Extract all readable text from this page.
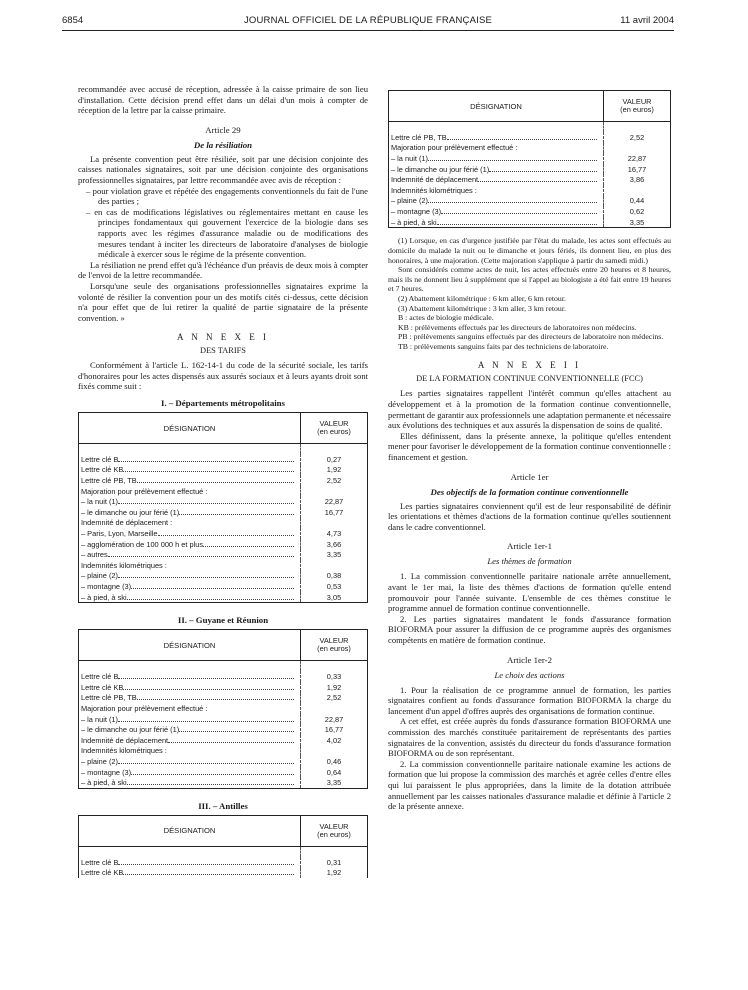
6854	JOURNAL OFFICIEL DE LA RÉPUBLIQUE FRANÇAISE	11 avril 2004

recommandée avec accusé de réception, adressée à la caisse primaire de son lieu d'installation. Cette décision prend effet dans un délai d'un mois à compter de réception de la lettre par la caisse primaire.

Article 29
De la résiliation

La présente convention peut être résiliée, soit par une décision conjointe des caisses nationales signataires, soit par une décision conjointe des organisations professionnelles signataires, par lettre recommandée avec avis de réception :

– pour violation grave et répétée des engagements conventionnels du fait de l'une des parties ;

– en cas de modifications législatives ou réglementaires mettant en cause les principes fondamentaux qui gouvernent l'exercice de la biologie dans ses rapports avec les régimes d'assurance maladie ou de modifications des mesures tendant à inciter les directeurs de laboratoire d'analyses de biologie médicale à exercer sous le régime de la présente convention.

La résiliation ne prend effet qu'à l'échéance d'un préavis de deux mois à compter de l'envoi de la lettre recommandée.

Lorsqu'une seule des organisations professionnelles signataires exprime la volonté de résilier la convention pour un des motifs cités ci-dessus, cette décision n'a pour effet que de lui retirer la qualité de partie signataire de la présente convention. »

A N N E X E I
DES TARIFS

Conformément à l'article L. 162-14-1 du code de la sécurité sociale, les tarifs d'honoraires pour les actes dispensés aux assurés sociaux et à leurs ayants droit sont fixés comme suit :

I. – Départements métropolitains
DÉSIGNATION	VALEUR
(en euros)

Lettre clé B	0,27
Lettre clé KB	1,92
Lettre clé PB, TB	2,52
Majoration pour prélèvement effectué :	
– la nuit (1)	22,87
– le dimanche ou jour férié (1)	16,77
Indemnité de déplacement :	
– Paris, Lyon, Marseille	4,73
– agglomération de 100 000 h et plus	3,66
– autres	3,35
Indemnités kilométriques :	
– plaine (2)	0,38
– montagne (3)	0,53
– à pied, à ski	3,05
II. – Guyane et Réunion
DÉSIGNATION	VALEUR
(en euros)

Lettre clé B	0,33
Lettre clé KB	1,92
Lettre clé PB, TB	2,52
Majoration pour prélèvement effectué :	
– la nuit (1)	22,87
– le dimanche ou jour férié (1)	16,77
Indemnité de déplacement	4,02
Indemnités kilométriques :	
– plaine (2)	0,46
– montagne (3)	0,64
– à pied, à ski	3,35
III. – Antilles
DÉSIGNATION	VALEUR
(en euros)

Lettre clé B	0,31
Lettre clé KB	1,92
DÉSIGNATION	VALEUR
(en euros)

Lettre clé PB, TB	2,52
Majoration pour prélèvement effectué :	
– la nuit (1)	22,87
– le dimanche ou jour férié (1)	16,77
Indemnité de déplacement	3,86
Indemnités kilométriques :	
– plaine (2)	0,44
– montagne (3)	0,62
– à pied, à ski	3,35

(1) Lorsque, en cas d'urgence justifiée par l'état du malade, les actes sont effectués au domicile du malade la nuit ou le dimanche et jours fériés, ils donnent lieu, en plus des honoraires, à une majoration. (Cette majoration s'applique à partir du samedi midi.)

Sont considérés comme actes de nuit, les actes effectués entre 20 heures et 8 heures, mais ils ne donnent lieu à supplément que si l'appel au biologiste a été fait entre 19 heures et 7 heures.

(2) Abattement kilométrique : 6 km aller, 6 km retour.

(3) Abattement kilométrique : 3 km aller, 3 km retour.

B : actes de biologie médicale.

KB : prélèvements effectués par les directeurs de laboratoires non médecins.

PB : prélèvements sanguins effectués par des directeurs de laboratoire non médecins.

TB : prélèvements sanguins faits par des techniciens de laboratoire.

A N N E X E I I
DE LA FORMATION CONTINUE CONVENTIONNELLE (FCC)

Les parties signataires rappellent l'intérêt commun qu'elles attachent au développement et à la promotion de la formation continue conventionnelle, permettant de garantir aux professionnels une adaptation permanente et nécessaire aux évolutions des techniques et aux assurés la dispensation de soins de qualité.

Elles définissent, dans la présente annexe, la politique qu'elles entendent mener pour favoriser le développement de la formation continue conventionnelle : financement et gestion.

Article 1er
Des objectifs de la formation continue conventionnelle

Les parties signataires conviennent qu'il est de leur responsabilité de définir les orientations et thèmes d'actions de la formation continue qu'elles soutiennent dans le cadre conventionnel.

Article 1er-1
Les thèmes de formation

1. La commission conventionnelle paritaire nationale arrête annuellement, avant le 1er mai, la liste des thèmes d'actions de formation qu'elle entend promouvoir pour l'année suivante. L'ensemble de ces thèmes constitue le programme annuel de formation continue conventionnelle.

2. Les parties signataires mandatent le fonds d'assurance formation BIOFORMA pour assurer la diffusion de ce programme auprès des organismes compétents en matière de formation continue.

Article 1er-2
Le choix des actions

1. Pour la réalisation de ce programme annuel de formation, les parties signataires confient au fonds d'assurance formation BIOFORMA la charge du lancement d'un appel d'offres auprès des organisations de formation continue.

A cet effet, est créée auprès du fonds d'assurance formation BIOFORMA une commission des marchés constituée paritairement de représentants des parties signataires de la convention, assistés du directeur du fonds d'assurance formation BIOFORMA ou de son représentant.

2. La commission conventionnelle paritaire nationale examine les actions de formation que lui propose la commission des marchés et agrée celles d'entre elles qui lui paraissent le plus appropriées, dans la limite de la dotation attribuée annuellement par les caisses nationales d'assurance maladie et définie à l'article 2 de la présente annexe.
